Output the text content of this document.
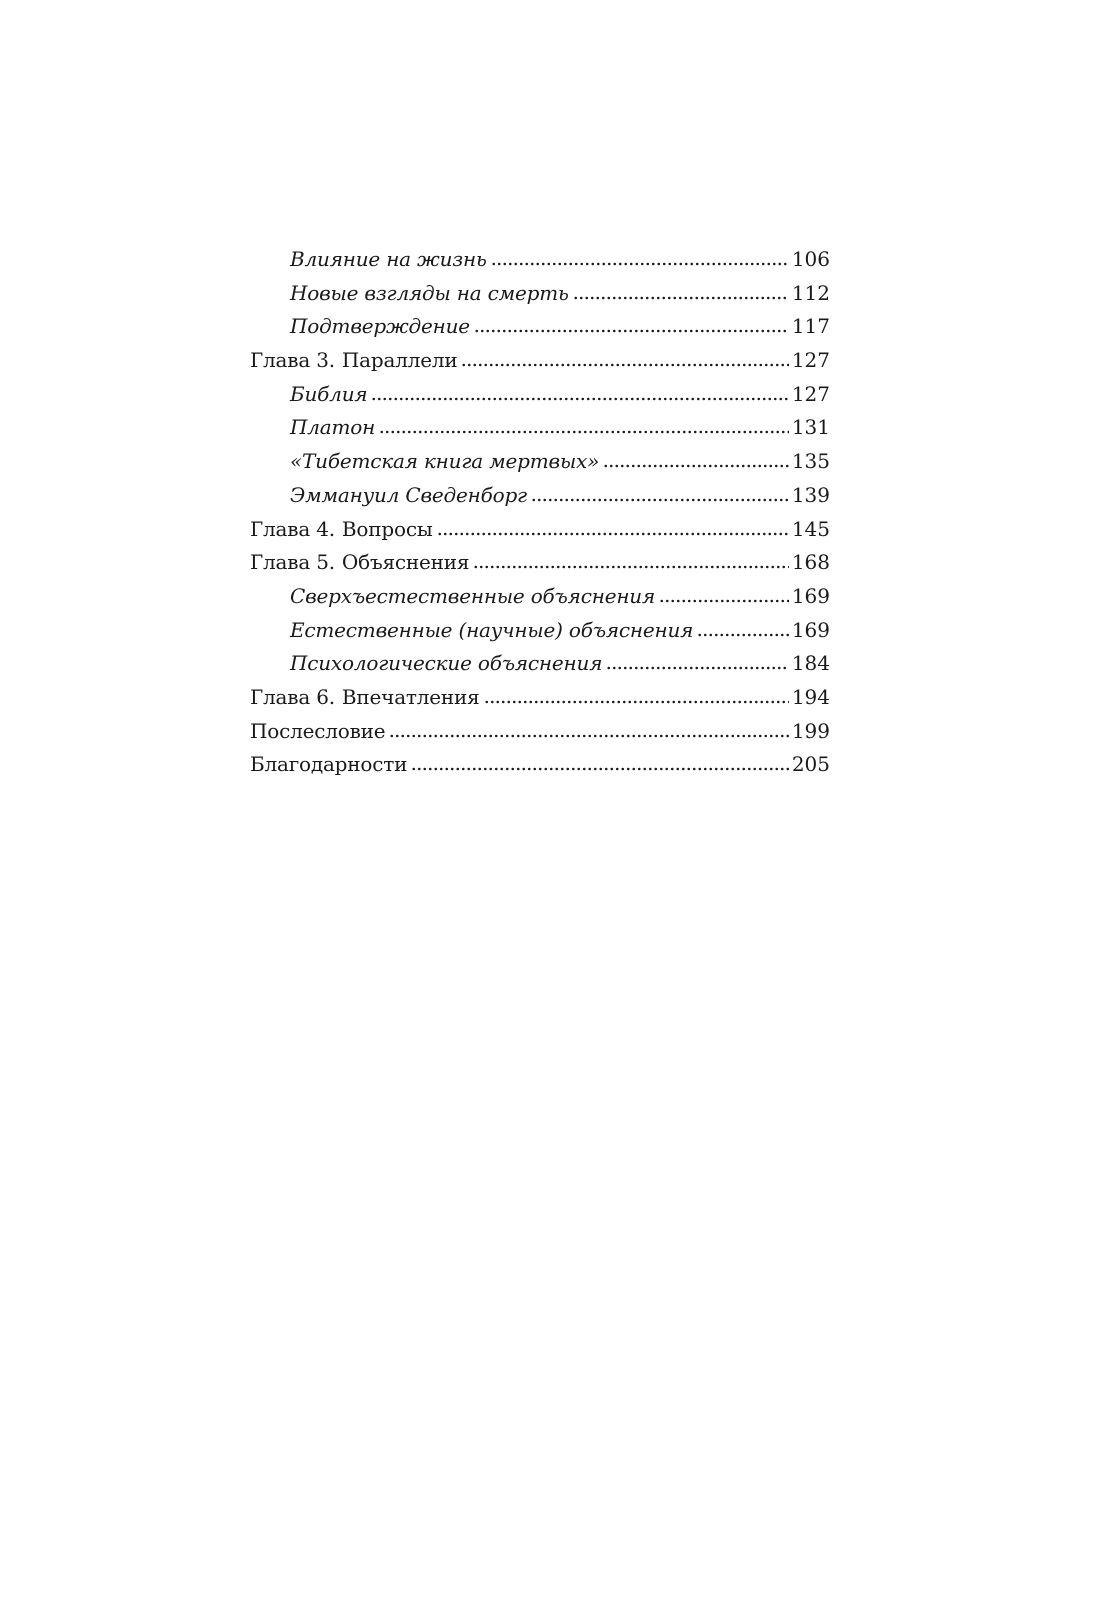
Влияние на жизнь	106
Новые взгляды на смерть	112
Подтверждение	117
Глава 3. Параллели	127
Библия	127
Платон	131
«Тибетская книга мертвых»	135
Эммануил Сведенборг	139
Глава 4. Вопросы	145
Глава 5. Объяснения	168
Сверхъестественные объяснения	169
Естественные (научные) объяснения	169
Психологические объяснения	184
Глава 6. Впечатления	194
Послесловие	199
Благодарности	205
